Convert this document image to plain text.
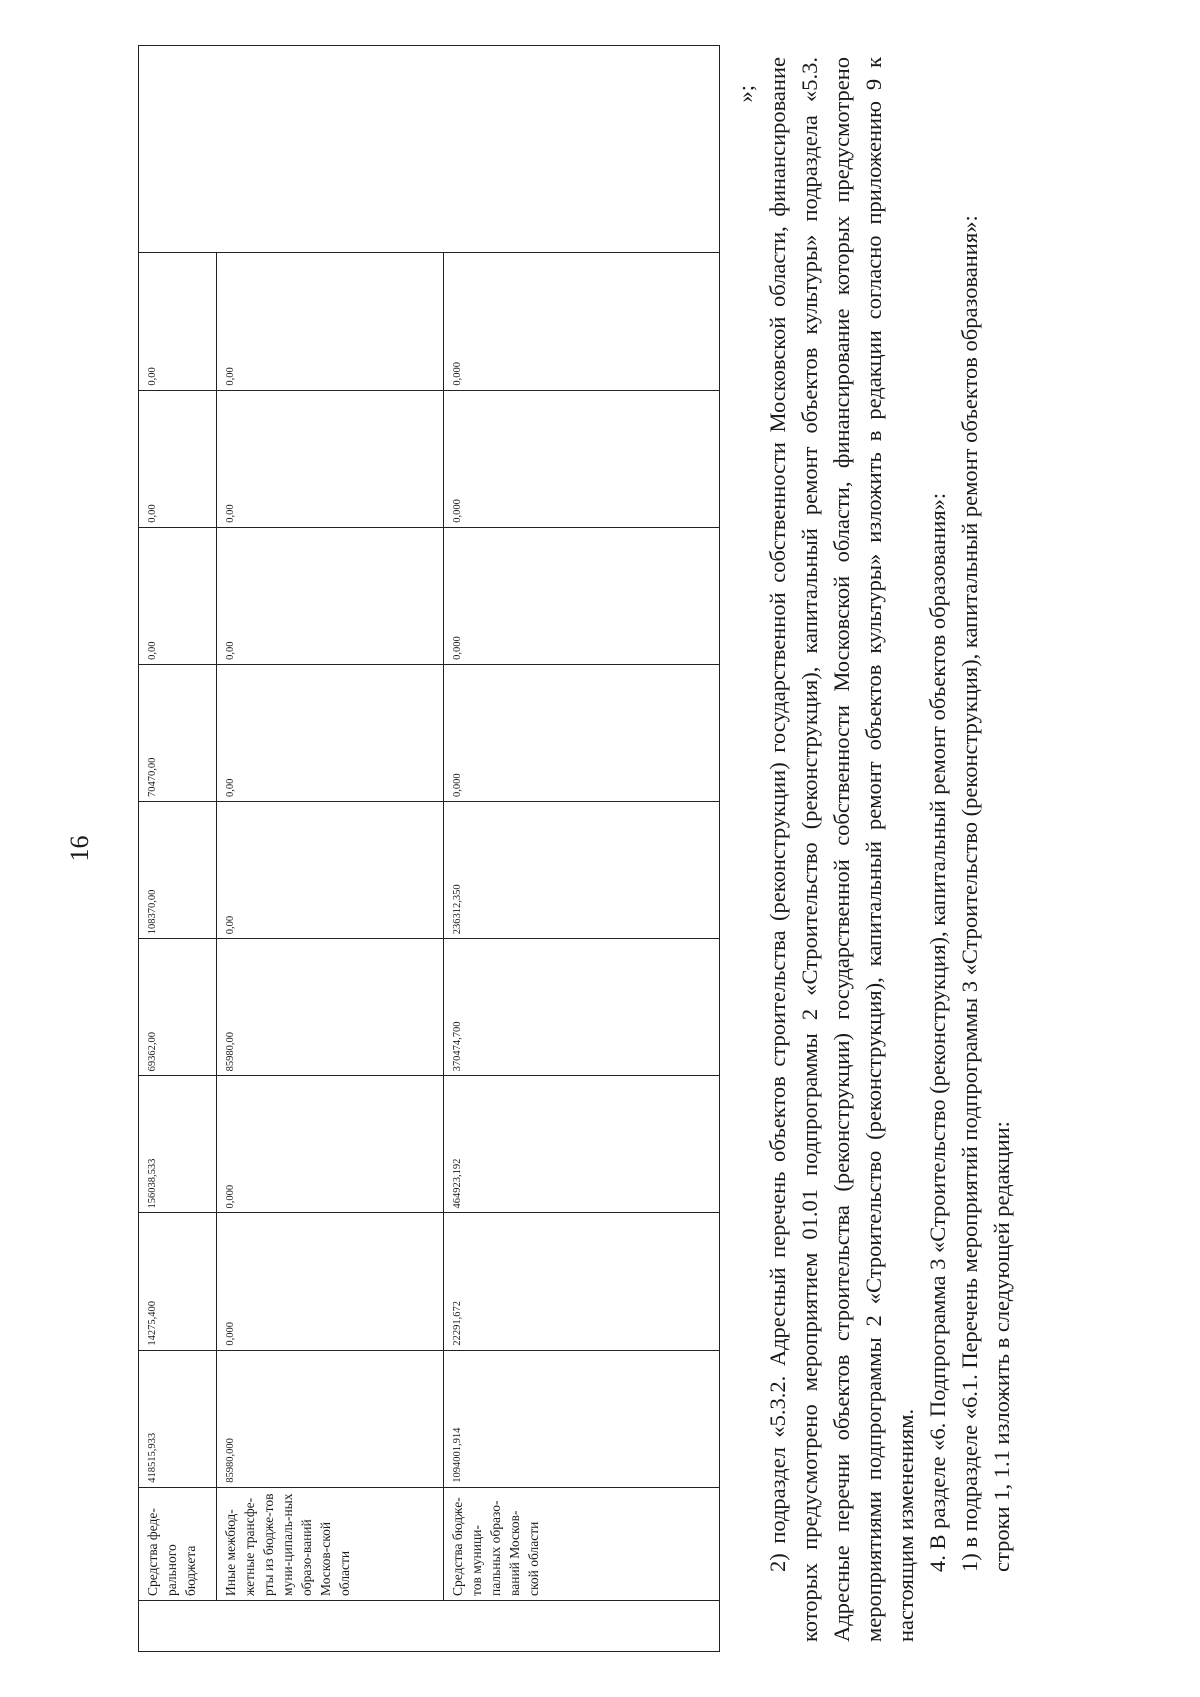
16
	Средства феде-рального бюджета	418515,933	14275,400	156038,533	69362,00	108370,00	70470,00	0,00	0,00	0,00	
	Иные межбюд-жетные трансфе-рты из бюдже-тов муни-ципаль-ных образо-ваний Москов-ской области	85980,000	0,000	0,000	85980,00	0,00	0,00	0,00	0,00	0,00	
	Средства бюдже-тов муници-пальных образо-ваний Москов-ской области	1094001,914	22291,672	464923,192	370474,700	236312,350	0,000	0,000	0,000	0,000	

»; 2) подраздел «5.3.2. Адресный перечень объектов строительства (реконструкции) государственной собственности Московской области, финансирование которых предусмотрено мероприятием 01.01 подпрограммы 2 «Строительство (реконструкция), капитальный ремонт объектов культуры» подраздела «5.3. Адресные перечни объектов строительства (реконструкции) государственной собственности Московской области, финансирование которых предусмотрено мероприятиями подпрограммы 2 «Строительство (реконструкция), капитальный ремонт объектов культуры» изложить в редакции согласно приложению 9 к настоящим изменениям. 4. В разделе «6. Подпрограмма 3 «Строительство (реконструкция), капитальный ремонт объектов образования»: 1) в подразделе «6.1. Перечень мероприятий подпрограммы 3 «Строительство (реконструкция), капитальный ремонт объектов образования»: строки 1, 1.1 изложить в следующей редакции:
